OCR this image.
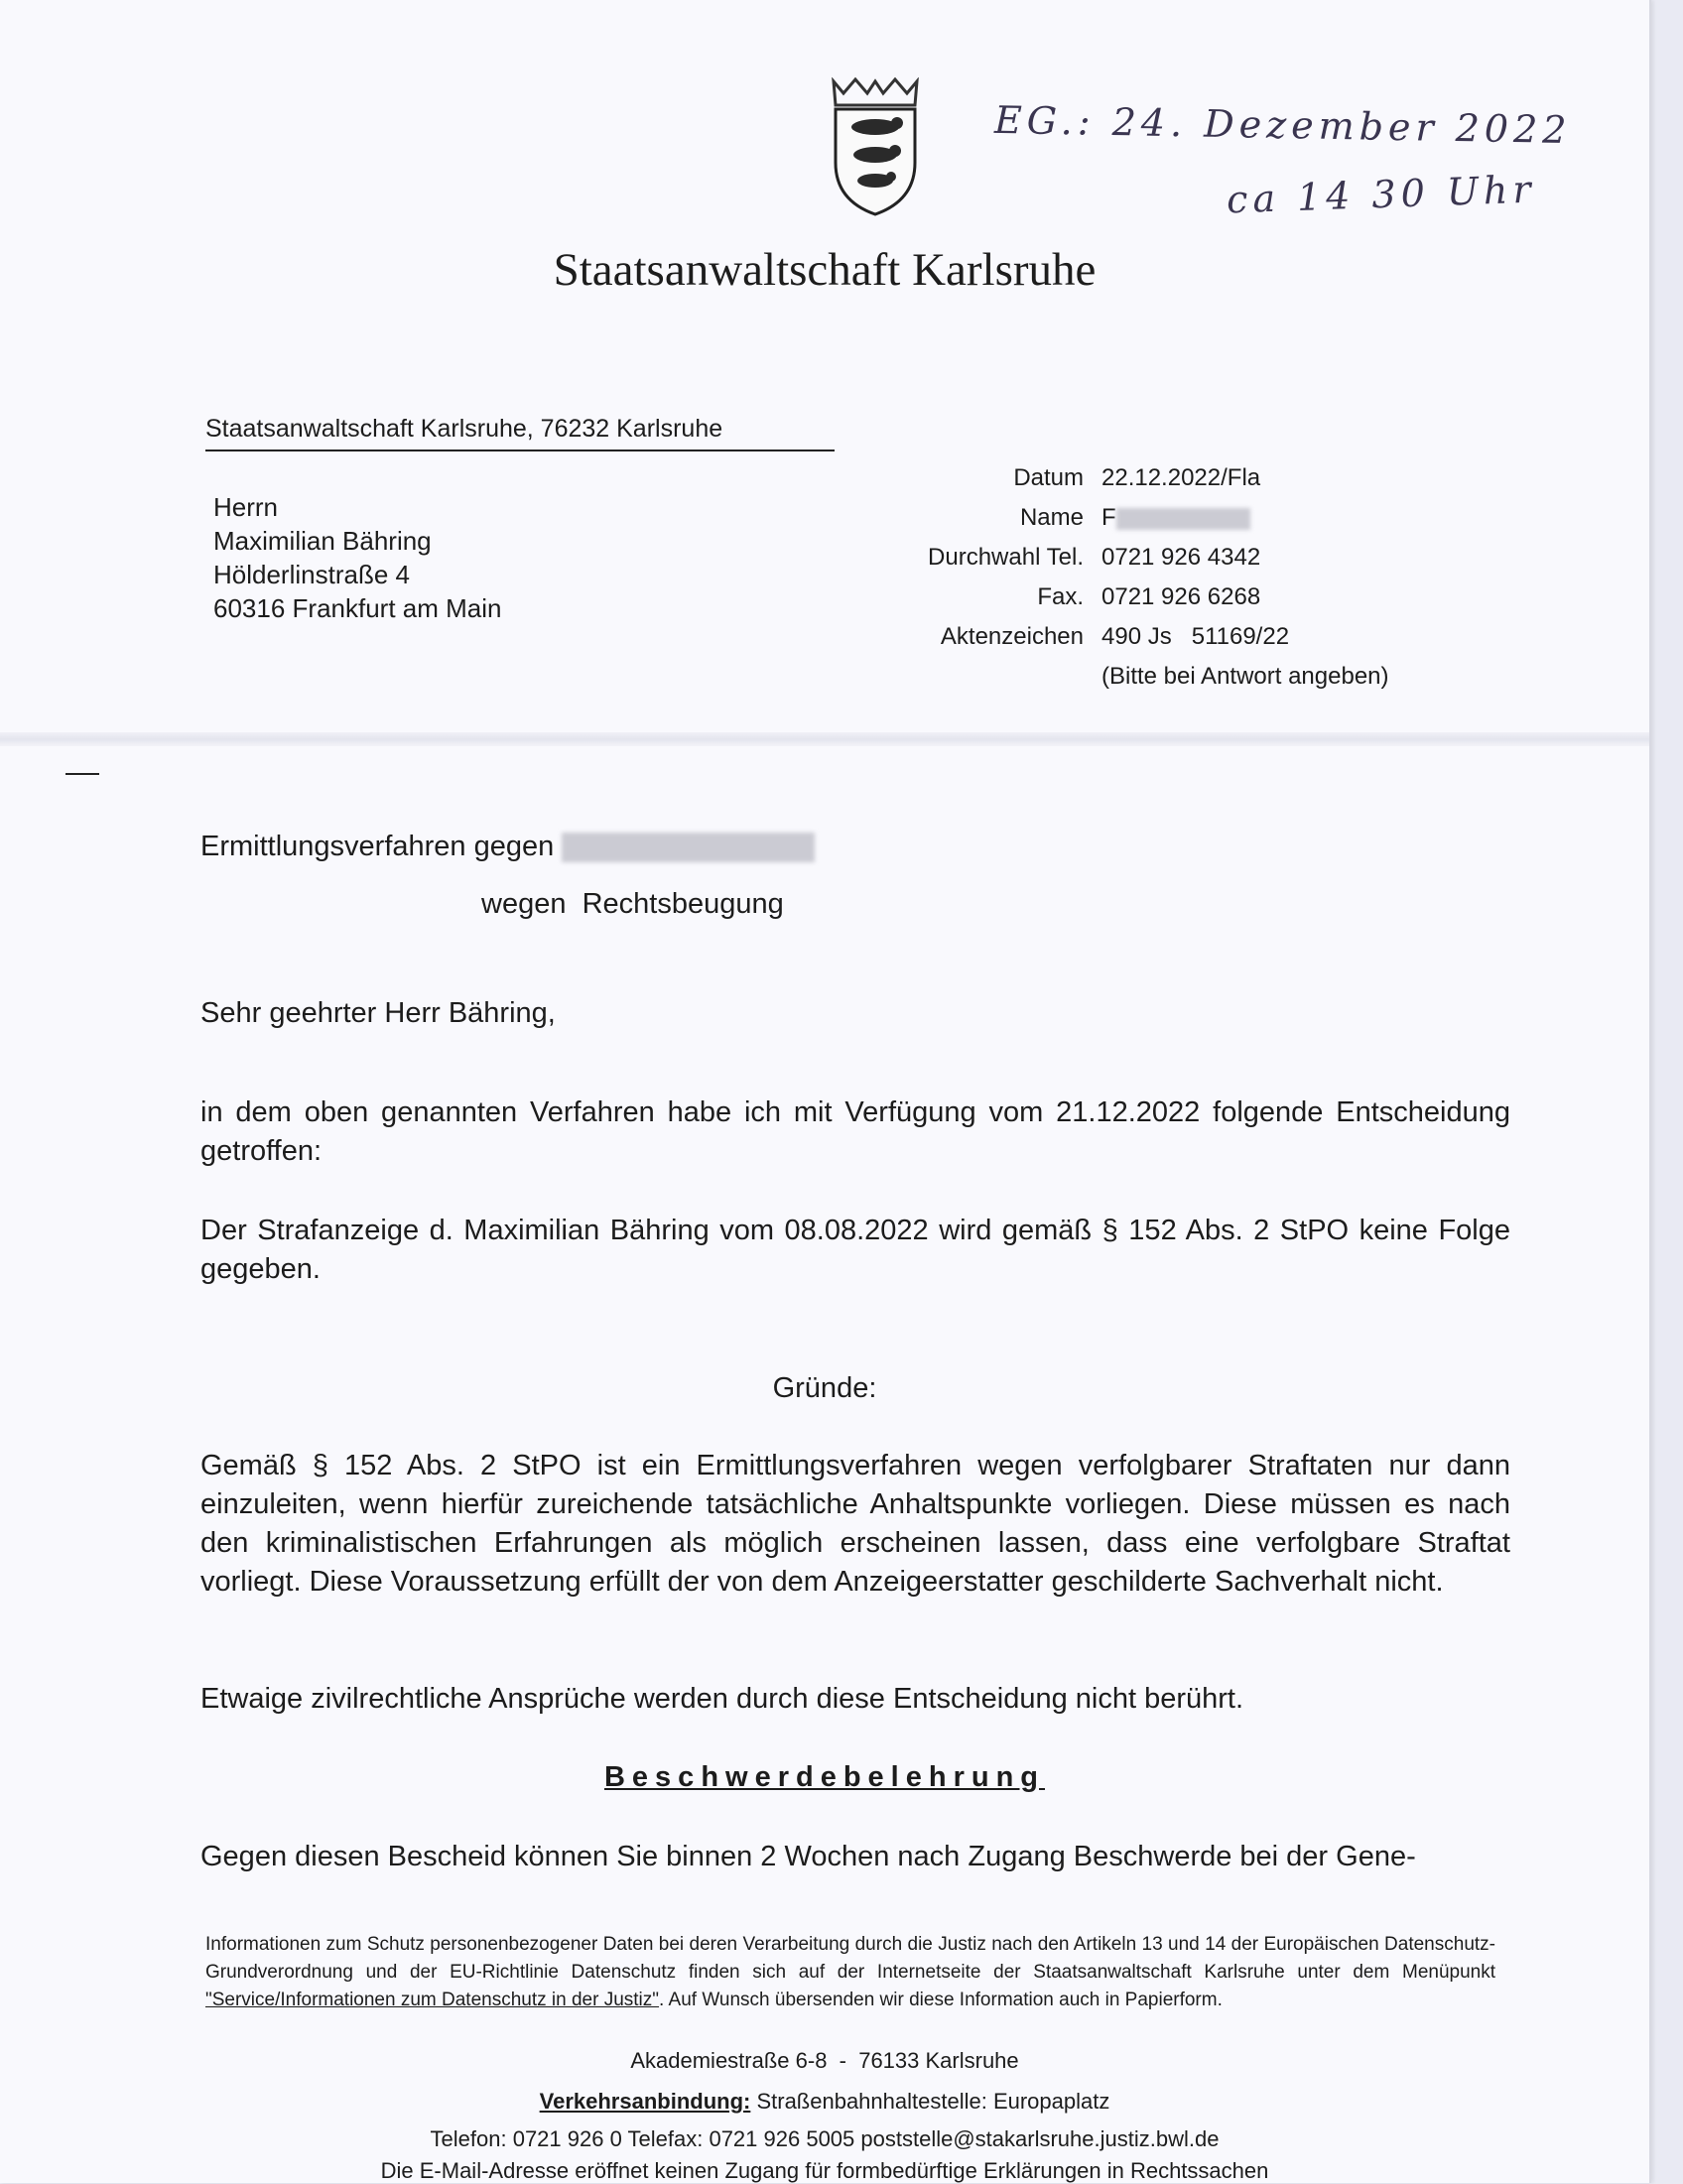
EG.: 24. Dezember 2022
ca 14 30 Uhr
Staatsanwaltschaft Karlsruhe
Staatsanwaltschaft Karlsruhe, 76232 Karlsruhe
Herrn
Maximilian Bähring
Hölderlinstraße 4
60316 Frankfurt am Main
Datum
Name
Durchwahl Tel.
Fax.
Aktenzeichen
22.12.2022/Fla
F
0721 926 4342
0721 926 6268
490 Js   51169/22
(Bitte bei Antwort angeben)
Ermittlungsverfahren gegen
wegen  Rechtsbeugung
Sehr geehrter Herr Bähring,
in dem oben genannten Verfahren habe ich mit Verfügung vom 21.12.2022 folgende Entscheidung getroffen:
Der Strafanzeige d. Maximilian Bähring vom 08.08.2022 wird gemäß § 152 Abs. 2 StPO keine Folge gegeben.
Gründe:
Gemäß § 152 Abs. 2 StPO ist ein Ermittlungsverfahren wegen verfolgbarer Straftaten nur dann einzuleiten, wenn hierfür zureichende tatsächliche Anhaltspunkte vorliegen. Diese müssen es nach den kriminalistischen Erfahrungen als möglich erscheinen lassen, dass eine verfolgbare Straftat vorliegt. Diese Voraussetzung erfüllt der von dem Anzeigeerstatter geschilderte Sachverhalt nicht.
Etwaige zivilrechtliche Ansprüche werden durch diese Entscheidung nicht berührt.
Beschwerdebelehrung
Gegen diesen Bescheid können Sie binnen 2 Wochen nach Zugang Beschwerde bei der Gene-
Informationen zum Schutz personenbezogener Daten bei deren Verarbeitung durch die Justiz nach den Artikeln 13 und 14 der Europäischen Datenschutz-Grundverordnung und der EU-Richtlinie Datenschutz finden sich auf der Internetseite der Staatsanwaltschaft Karlsruhe unter dem Menüpunkt "Service/Informationen zum Datenschutz in der Justiz". Auf Wunsch übersenden wir diese Information auch in Papierform.
Akademiestraße 6-8  -  76133 Karlsruhe
Verkehrsanbindung: Straßenbahnhaltestelle: Europaplatz
Telefon: 0721 926 0 Telefax: 0721 926 5005 poststelle@stakarlsruhe.justiz.bwl.de
Die E-Mail-Adresse eröffnet keinen Zugang für formbedürftige Erklärungen in Rechtssachen
